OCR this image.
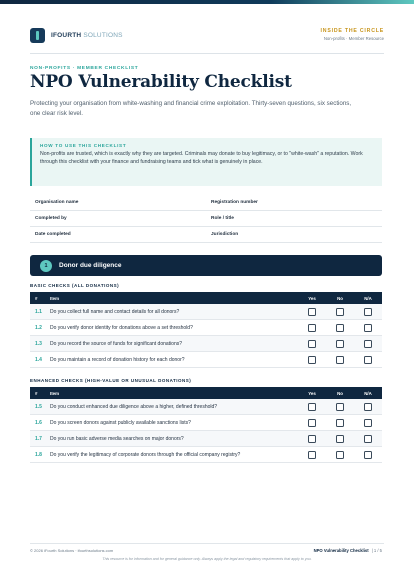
IFOURTH SOLUTIONS
INSIDE THE CIRCLE
Non-profits · Member Resource
NON-PROFITS · MEMBER CHECKLIST
NPO Vulnerability Checklist
Protecting your organisation from white-washing and financial crime exploitation. Thirty-seven questions, six sections, one clear risk level.
HOW TO USE THIS CHECKLIST
Non-profits are trusted, which is exactly why they are targeted. Criminals may donate to buy legitimacy, or to "white-wash" a reputation. Work through this checklist with your finance and fundraising teams and tick what is genuinely in place.
Organisation name	Registration number
Completed by	Role / title
Date completed	Jurisdiction
1	Donor due diligence
BASIC CHECKS (ALL DONATIONS)
#	Item	Yes	No	N/A
1.1	Do you collect full name and contact details for all donors?
1.2	Do you verify donor identity for donations above a set threshold?
1.3	Do you record the source of funds for significant donations?
1.4	Do you maintain a record of donation history for each donor?
ENHANCED CHECKS (HIGH-VALUE OR UNUSUAL DONATIONS)
#	Item	Yes	No	N/A
1.5	Do you conduct enhanced due diligence above a higher, defined threshold?
1.6	Do you screen donors against publicly available sanctions lists?
1.7	Do you run basic adverse media searches on major donors?
1.8	Do you verify the legitimacy of corporate donors through the official company registry?
© 2026 iFourth Solutions · ifourthsolutions.com	NPO Vulnerability Checklist | 1 / 5
This resource is for information and for general guidance only. Always apply the legal and regulatory requirements that apply to you.
